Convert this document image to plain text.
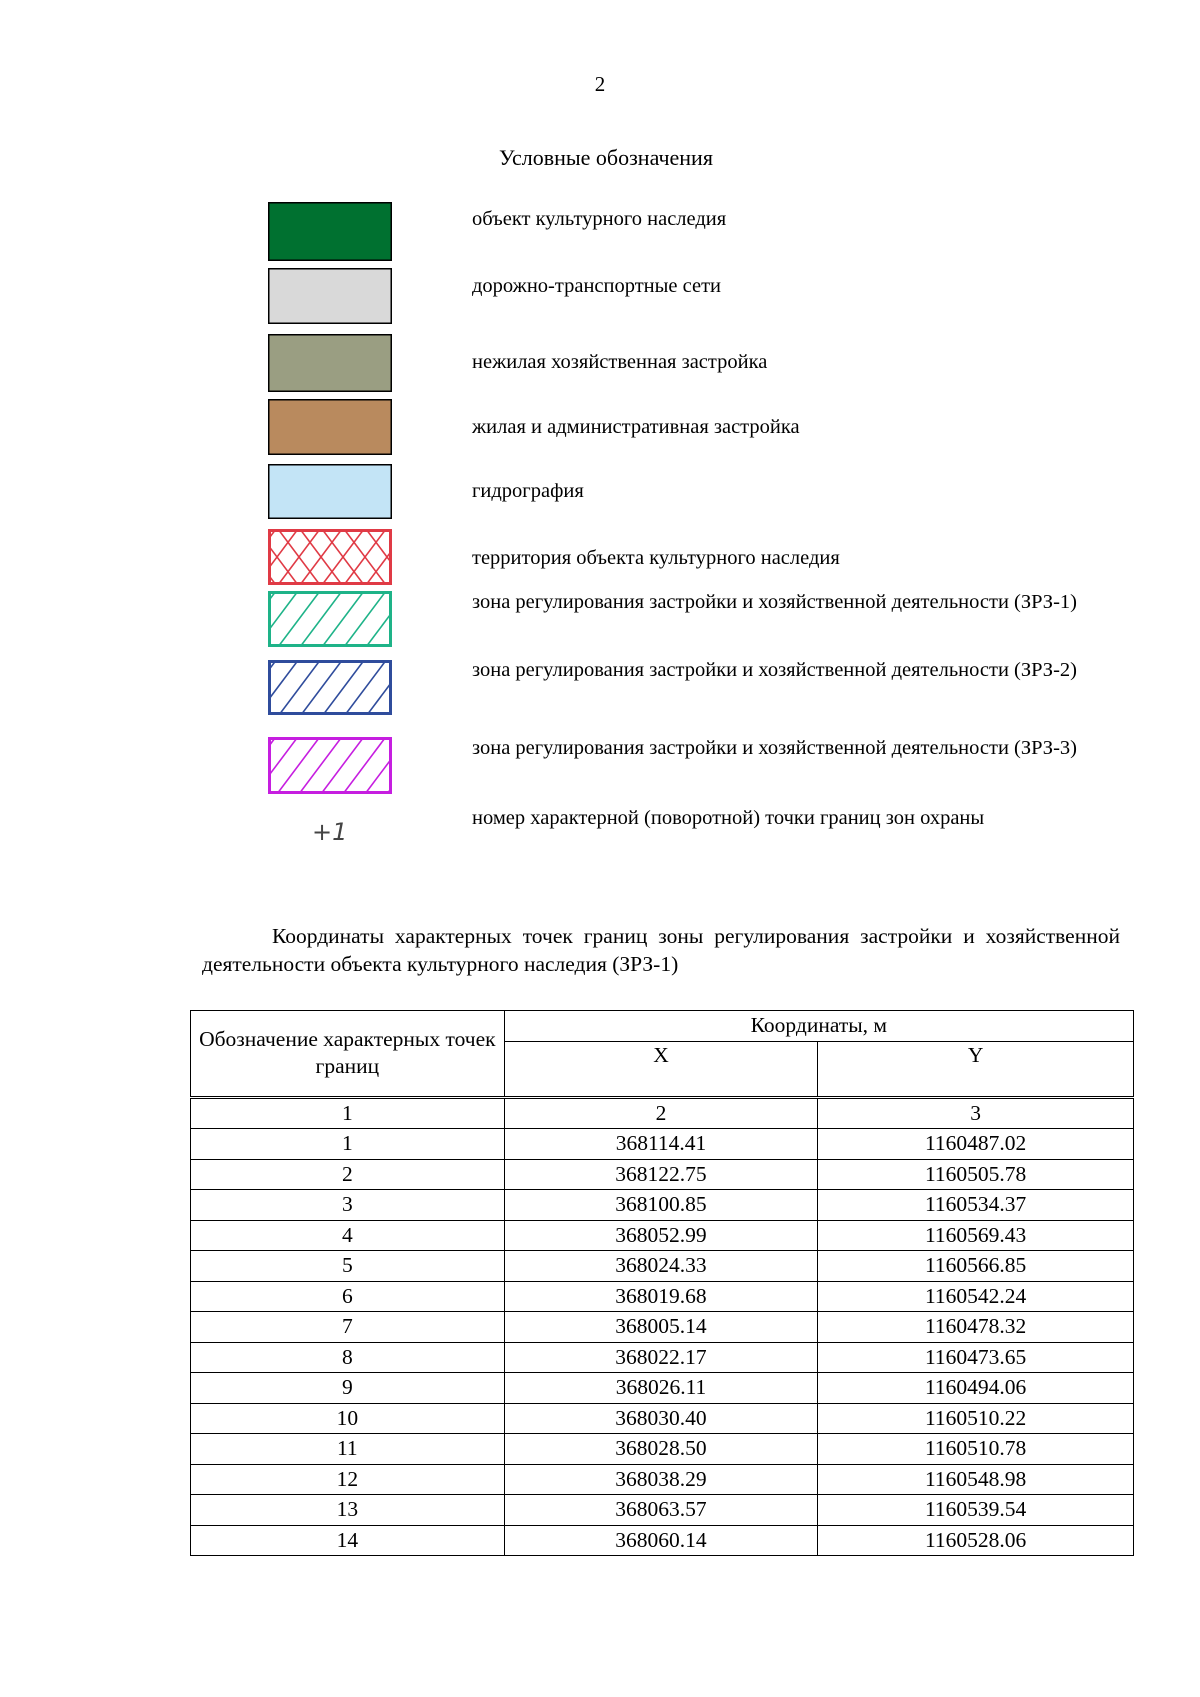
2
Условные обозначения
объект культурного наследия
дорожно-транспортные сети
нежилая хозяйственная застройка
жилая и административная застройка
гидрография
территория объекта культурного наследия
зона регулирования застройки и хозяйственной деятельности (ЗРЗ-1)
зона регулирования застройки и хозяйственной деятельности (ЗРЗ-2)
зона регулирования застройки и хозяйственной деятельности (ЗРЗ-3)
+1	номер характерной (поворотной) точки границ зон охраны
Координаты характерных точек границ зоны регулирования застройки и хозяйственной деятельности объекта культурного наследия (ЗРЗ-1)
Обозначение характерных точек границ	Координаты, м	
	X	Y
1	2	3
1	368114.41	1160487.02
2	368122.75	1160505.78
3	368100.85	1160534.37
4	368052.99	1160569.43
5	368024.33	1160566.85
6	368019.68	1160542.24
7	368005.14	1160478.32
8	368022.17	1160473.65
9	368026.11	1160494.06
10	368030.40	1160510.22
11	368028.50	1160510.78
12	368038.29	1160548.98
13	368063.57	1160539.54
14	368060.14	1160528.06
